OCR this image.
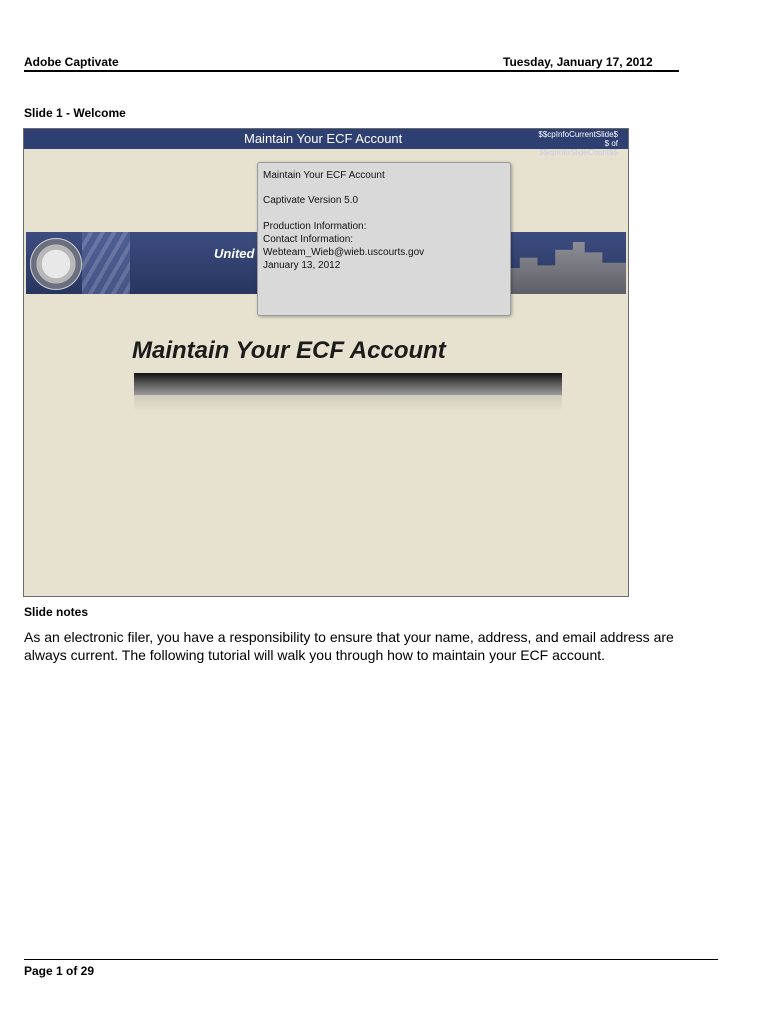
Adobe Captivate	Tuesday, January 17, 2012
Slide 1 - Welcome
Maintain Your ECF Account	$$cpInfoCurrentSlide$
$ of
$$cpInfoSlideCount$$
United
Maintain Your ECF Account
Captivate Version 5.0
Production Information:
Contact Information:
Webteam_Wieb@wieb.uscourts.gov
January 13, 2012
Maintain Your ECF Account
Slide notes
As an electronic filer, you have a responsibility to ensure that your name, address, and email address are always current. The following tutorial will walk you through how to maintain your ECF account.
Page 1 of 29
